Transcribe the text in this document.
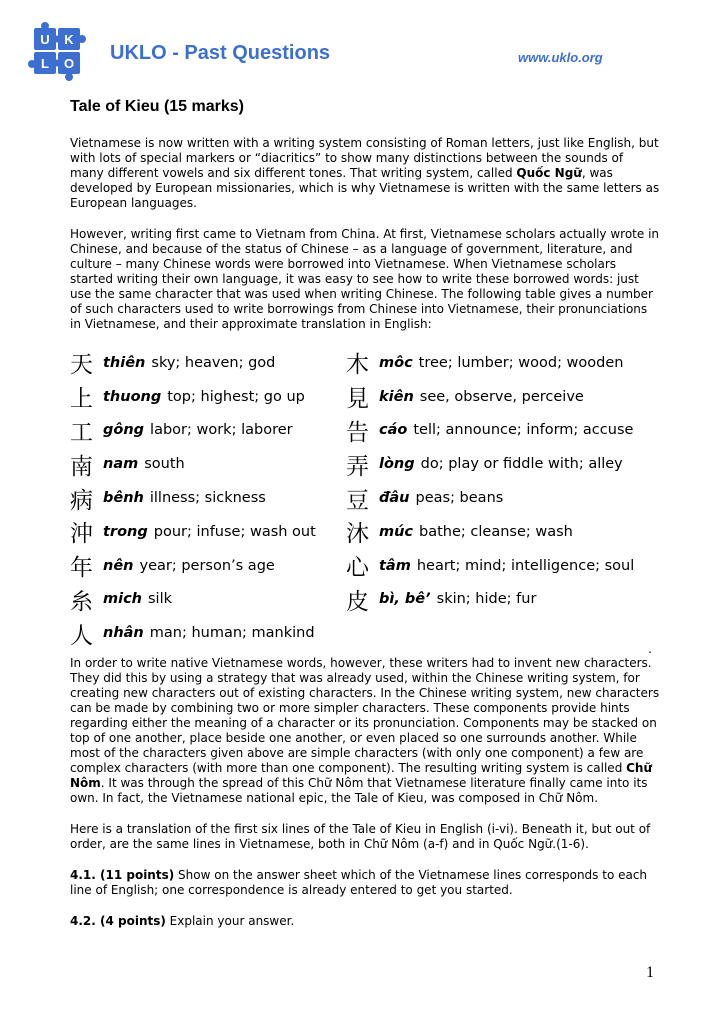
U K
L O UKLO - Past Questions	www.uklo.org
Tale of Kieu (15 marks)

Vietnamese is now written with a writing system consisting of Roman letters, just like English, but with lots of special markers or “diacritics” to show many distinctions between the sounds of many different vowels and six different tones. That writing system, called Quốc Ngữ, was developed by European missionaries, which is why Vietnamese is written with the same letters as European languages.

However, writing first came to Vietnam from China. At first, Vietnamese scholars actually wrote in Chinese, and because of the status of Chinese – as a language of government, literature, and culture – many Chinese words were borrowed into Vietnamese. When Vietnamese scholars started writing their own language, it was easy to see how to write these borrowed words: just use the same character that was used when writing Chinese. The following table gives a number of such characters used to write borrowings from Chinese into Vietnamese, their pronunciations in Vietnamese, and their approximate translation in English:

天 thiên sky; heaven; god
上 thuong top; highest; go up
工 gông labor; work; laborer
南 nam south
病 bênh illness; sickness
沖 trong pour; infuse; wash out
年 nên year; person’s age
糸 mich silk
人 nhân man; human; mankind
木 môc tree; lumber; wood; wooden
見 kiên see, observe, perceive
告 cáo tell; announce; inform; accuse
弄 lòng do; play or fiddle with; alley
豆 đâu peas; beans
沐 múc bathe; cleanse; wash
心 tâm heart; mind; intelligence; soul
皮 bì, bê’ skin; hide; fur
.

In order to write native Vietnamese words, however, these writers had to invent new characters. They did this by using a strategy that was already used, within the Chinese writing system, for creating new characters out of existing characters. In the Chinese writing system, new characters can be made by combining two or more simpler characters. These components provide hints regarding either the meaning of a character or its pronunciation. Components may be stacked on top of one another, place beside one another, or even placed so one surrounds another. While most of the characters given above are simple characters (with only one component) a few are complex characters (with more than one component). The resulting writing system is called Chữ Nôm. It was through the spread of this Chữ Nôm that Vietnamese literature finally came into its own. In fact, the Vietnamese national epic, the Tale of Kieu, was composed in Chữ Nôm.

Here is a translation of the first six lines of the Tale of Kieu in English (i-vi). Beneath it, but out of order, are the same lines in Vietnamese, both in Chữ Nôm (a-f) and in Quốc Ngữ.(1-6).

4.1. (11 points) Show on the answer sheet which of the Vietnamese lines corresponds to each line of English; one correspondence is already entered to get you started.

4.2. (4 points) Explain your answer.

1
